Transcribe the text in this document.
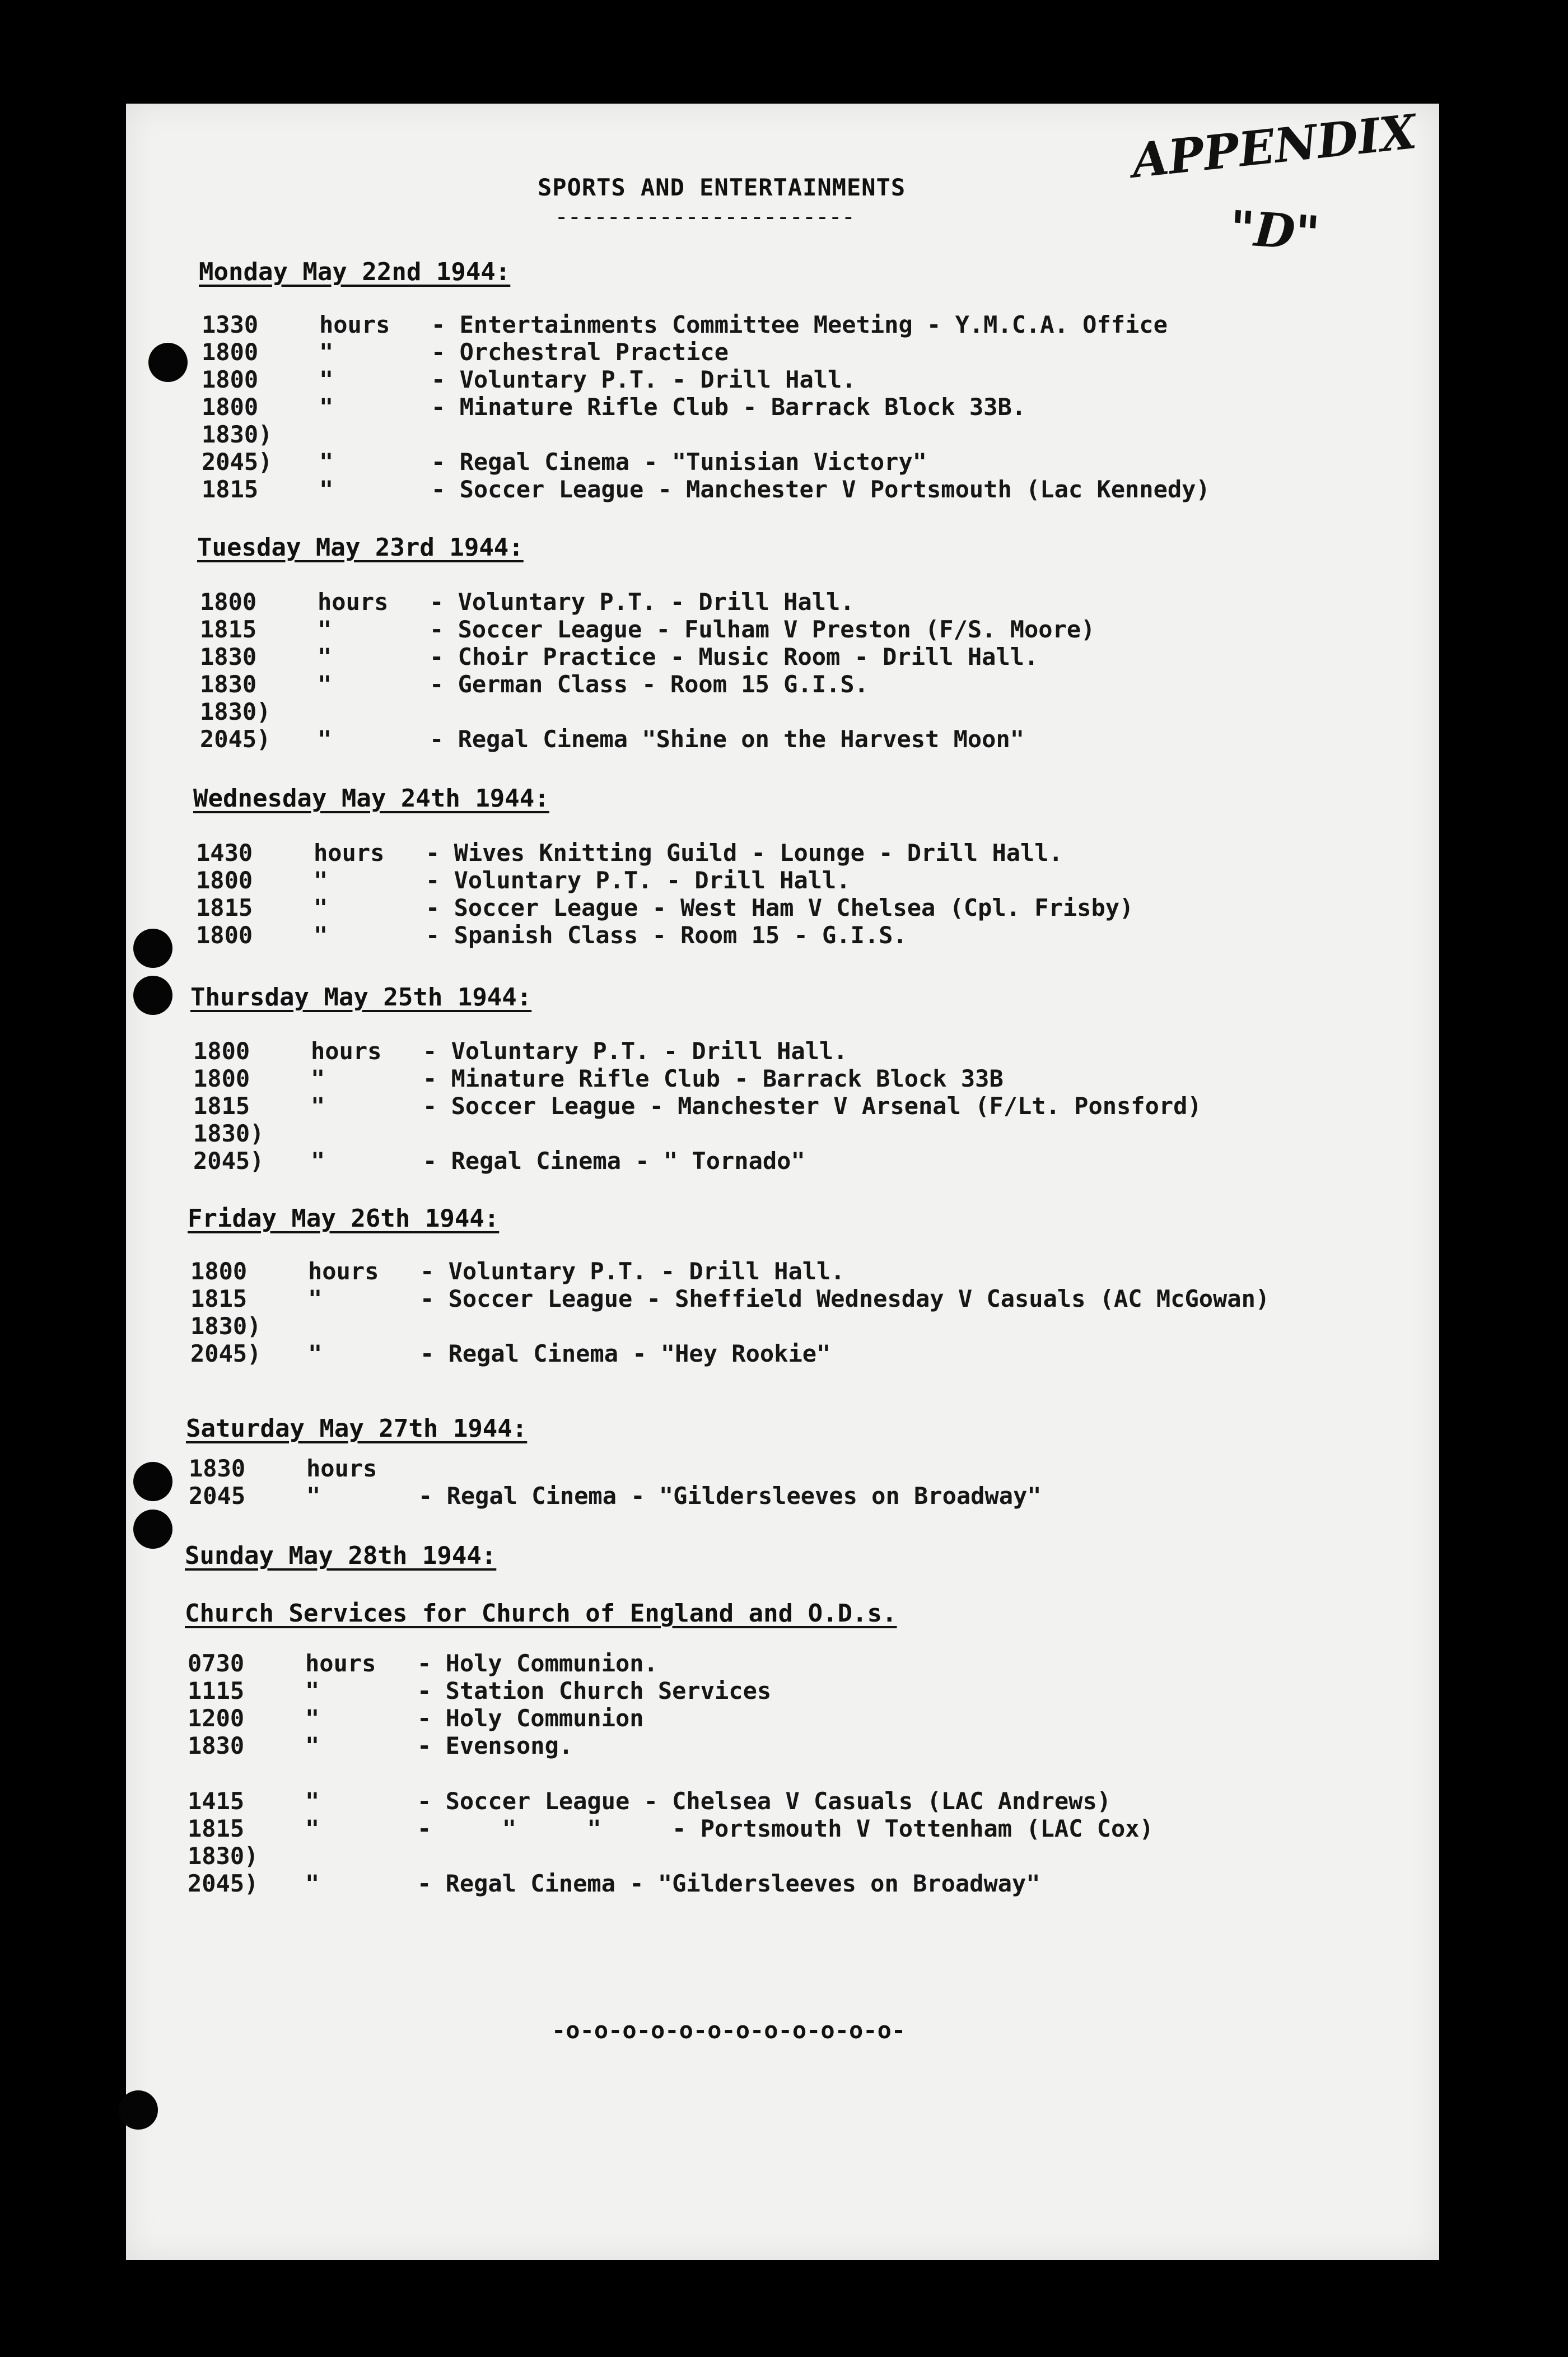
APPENDIX
"D"
SPORTS AND ENTERTAINMENTS
-----------------------
Monday May 22nd 1944:
1330	hours - Entertainments Committee Meeting - Y.M.C.A. Office
1800	"	- Orchestral Practice
1800	"	- Voluntary P.T. - Drill Hall.
1800	"	- Minature Rifle Club - Barrack Block 33B.
1830)
2045) "	- Regal Cinema - "Tunisian Victory"
1815	"	- Soccer League - Manchester V Portsmouth (Lac Kennedy)
Tuesday May 23rd 1944:
1800	hours - Voluntary P.T. - Drill Hall.
1815	"	- Soccer League - Fulham V Preston (F/S. Moore)
1830	"	- Choir Practice - Music Room - Drill Hall.
1830	"	- German Class - Room 15 G.I.S.
1830)
2045) "	- Regal Cinema "Shine on the Harvest Moon"
Wednesday May 24th 1944:
1430	hours - Wives Knitting Guild - Lounge - Drill Hall.
1800	"	- Voluntary P.T. - Drill Hall.
1815	"	- Soccer League - West Ham V Chelsea (Cpl. Frisby)
1800	"	- Spanish Class - Room 15 - G.I.S.
Thursday May 25th 1944:
1800	hours - Voluntary P.T. - Drill Hall.
1800	"	- Minature Rifle Club - Barrack Block 33B
1815	"	- Soccer League - Manchester V Arsenal (F/Lt. Ponsford)
1830)
2045) "	- Regal Cinema - " Tornado"
Friday May 26th 1944:
1800	hours - Voluntary P.T. - Drill Hall.
1815	"	- Soccer League - Sheffield Wednesday V Casuals (AC McGowan)
1830)
2045) "	- Regal Cinema - "Hey Rookie"
Saturday May 27th 1944:
1830	hours
2045	"	- Regal Cinema - "Gildersleeves on Broadway"
Sunday May 28th 1944:
Church Services for Church of England and O.D.s.
0730	hours - Holy Communion.
1115	"	- Station Church Services
1200	"	- Holy Communion
1830	"	- Evensong.
1415	"	- Soccer League - Chelsea V Casuals (LAC Andrews)
1815	"	-     "     "     - Portsmouth V Tottenham (LAC Cox)
1830)
2045) "	- Regal Cinema - "Gildersleeves on Broadway"
-o-o-o-o-o-o-o-o-o-o-o-o-
